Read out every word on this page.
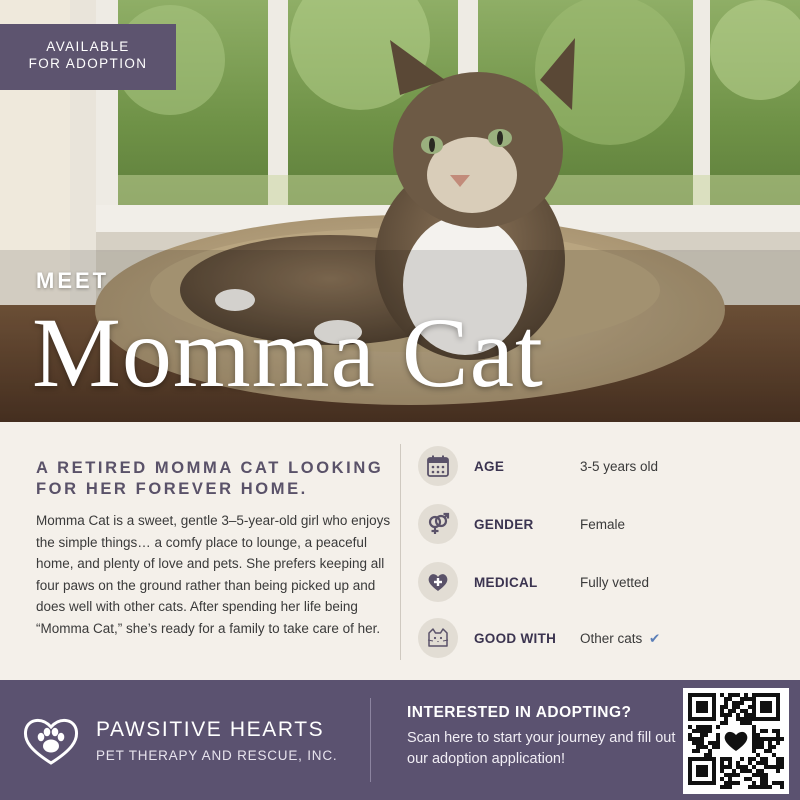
AVAILABLE
FOR ADOPTION
MEET
Momma Cat
A RETIRED MOMMA CAT LOOKING
FOR HER FOREVER HOME.

Momma Cat is a sweet, gentle 3–5-year-old girl who enjoys the simple things… a comfy place to lounge, a peaceful home, and plenty of love and pets. She prefers keeping all four paws on the ground rather than being picked up and does well with other cats. After spending her life being “Momma Cat,” she’s ready for a family to take care of her.

AGE	3-5 years old
GENDER	Female
MEDICAL	Fully vetted
GOOD WITH Other cats ✔
PAWSITIVE HEARTS
PET THERAPY AND RESCUE, INC.
INTERESTED IN ADOPTING?
Scan here to start your journey and fill out our adoption application!
